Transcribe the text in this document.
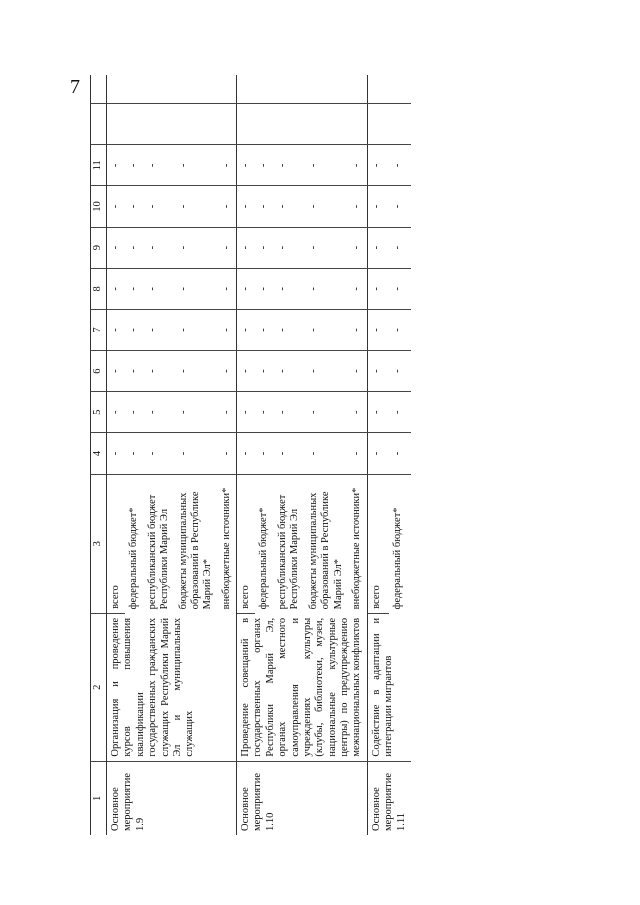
7
1	2	3	4	5	6	7	8	9	10	11		
Основное мероприятие 1.9	Организация и проведение курсов повышения квалификации государственных гражданских служащих Республики Марий Эл и муниципальных служащих	всего	-	-	-	-	-	-	-	-		
		федеральный бюджет*	-	-	-	-	-	-	-	-		
		республиканский бюджет Республики Марий Эл	-	-	-	-	-	-	-	-		
		бюджеты муниципальных образований в Республике Марий Эл*	-	-	-	-	-	-	-	-		
		внебюджетные источники*	-	-	-	-	-	-	-	-		
Основное мероприятие 1.10	Проведение совещаний в государственных органах Республики Марий Эл, органах местного самоуправления и учреждениях культуры (клубы, библиотеки, музеи, национальные культурные центры) по предупреждению межнациональных конфликтов	всего	-	-	-	-	-	-	-	-		
		федеральный бюджет*	-	-	-	-	-	-	-	-		
		республиканский бюджет Республики Марий Эл	-	-	-	-	-	-	-	-		
		бюджеты муниципальных образований в Республике Марий Эл*	-	-	-	-	-	-	-	-		
		внебюджетные источники*	-	-	-	-	-	-	-	-		
Основное мероприятие 1.11	Содействие в адаптации и интеграции мигрантов	всего	-	-	-	-	-	-	-	-		
		федеральный бюджет*	-	-	-	-	-	-	-	-		
